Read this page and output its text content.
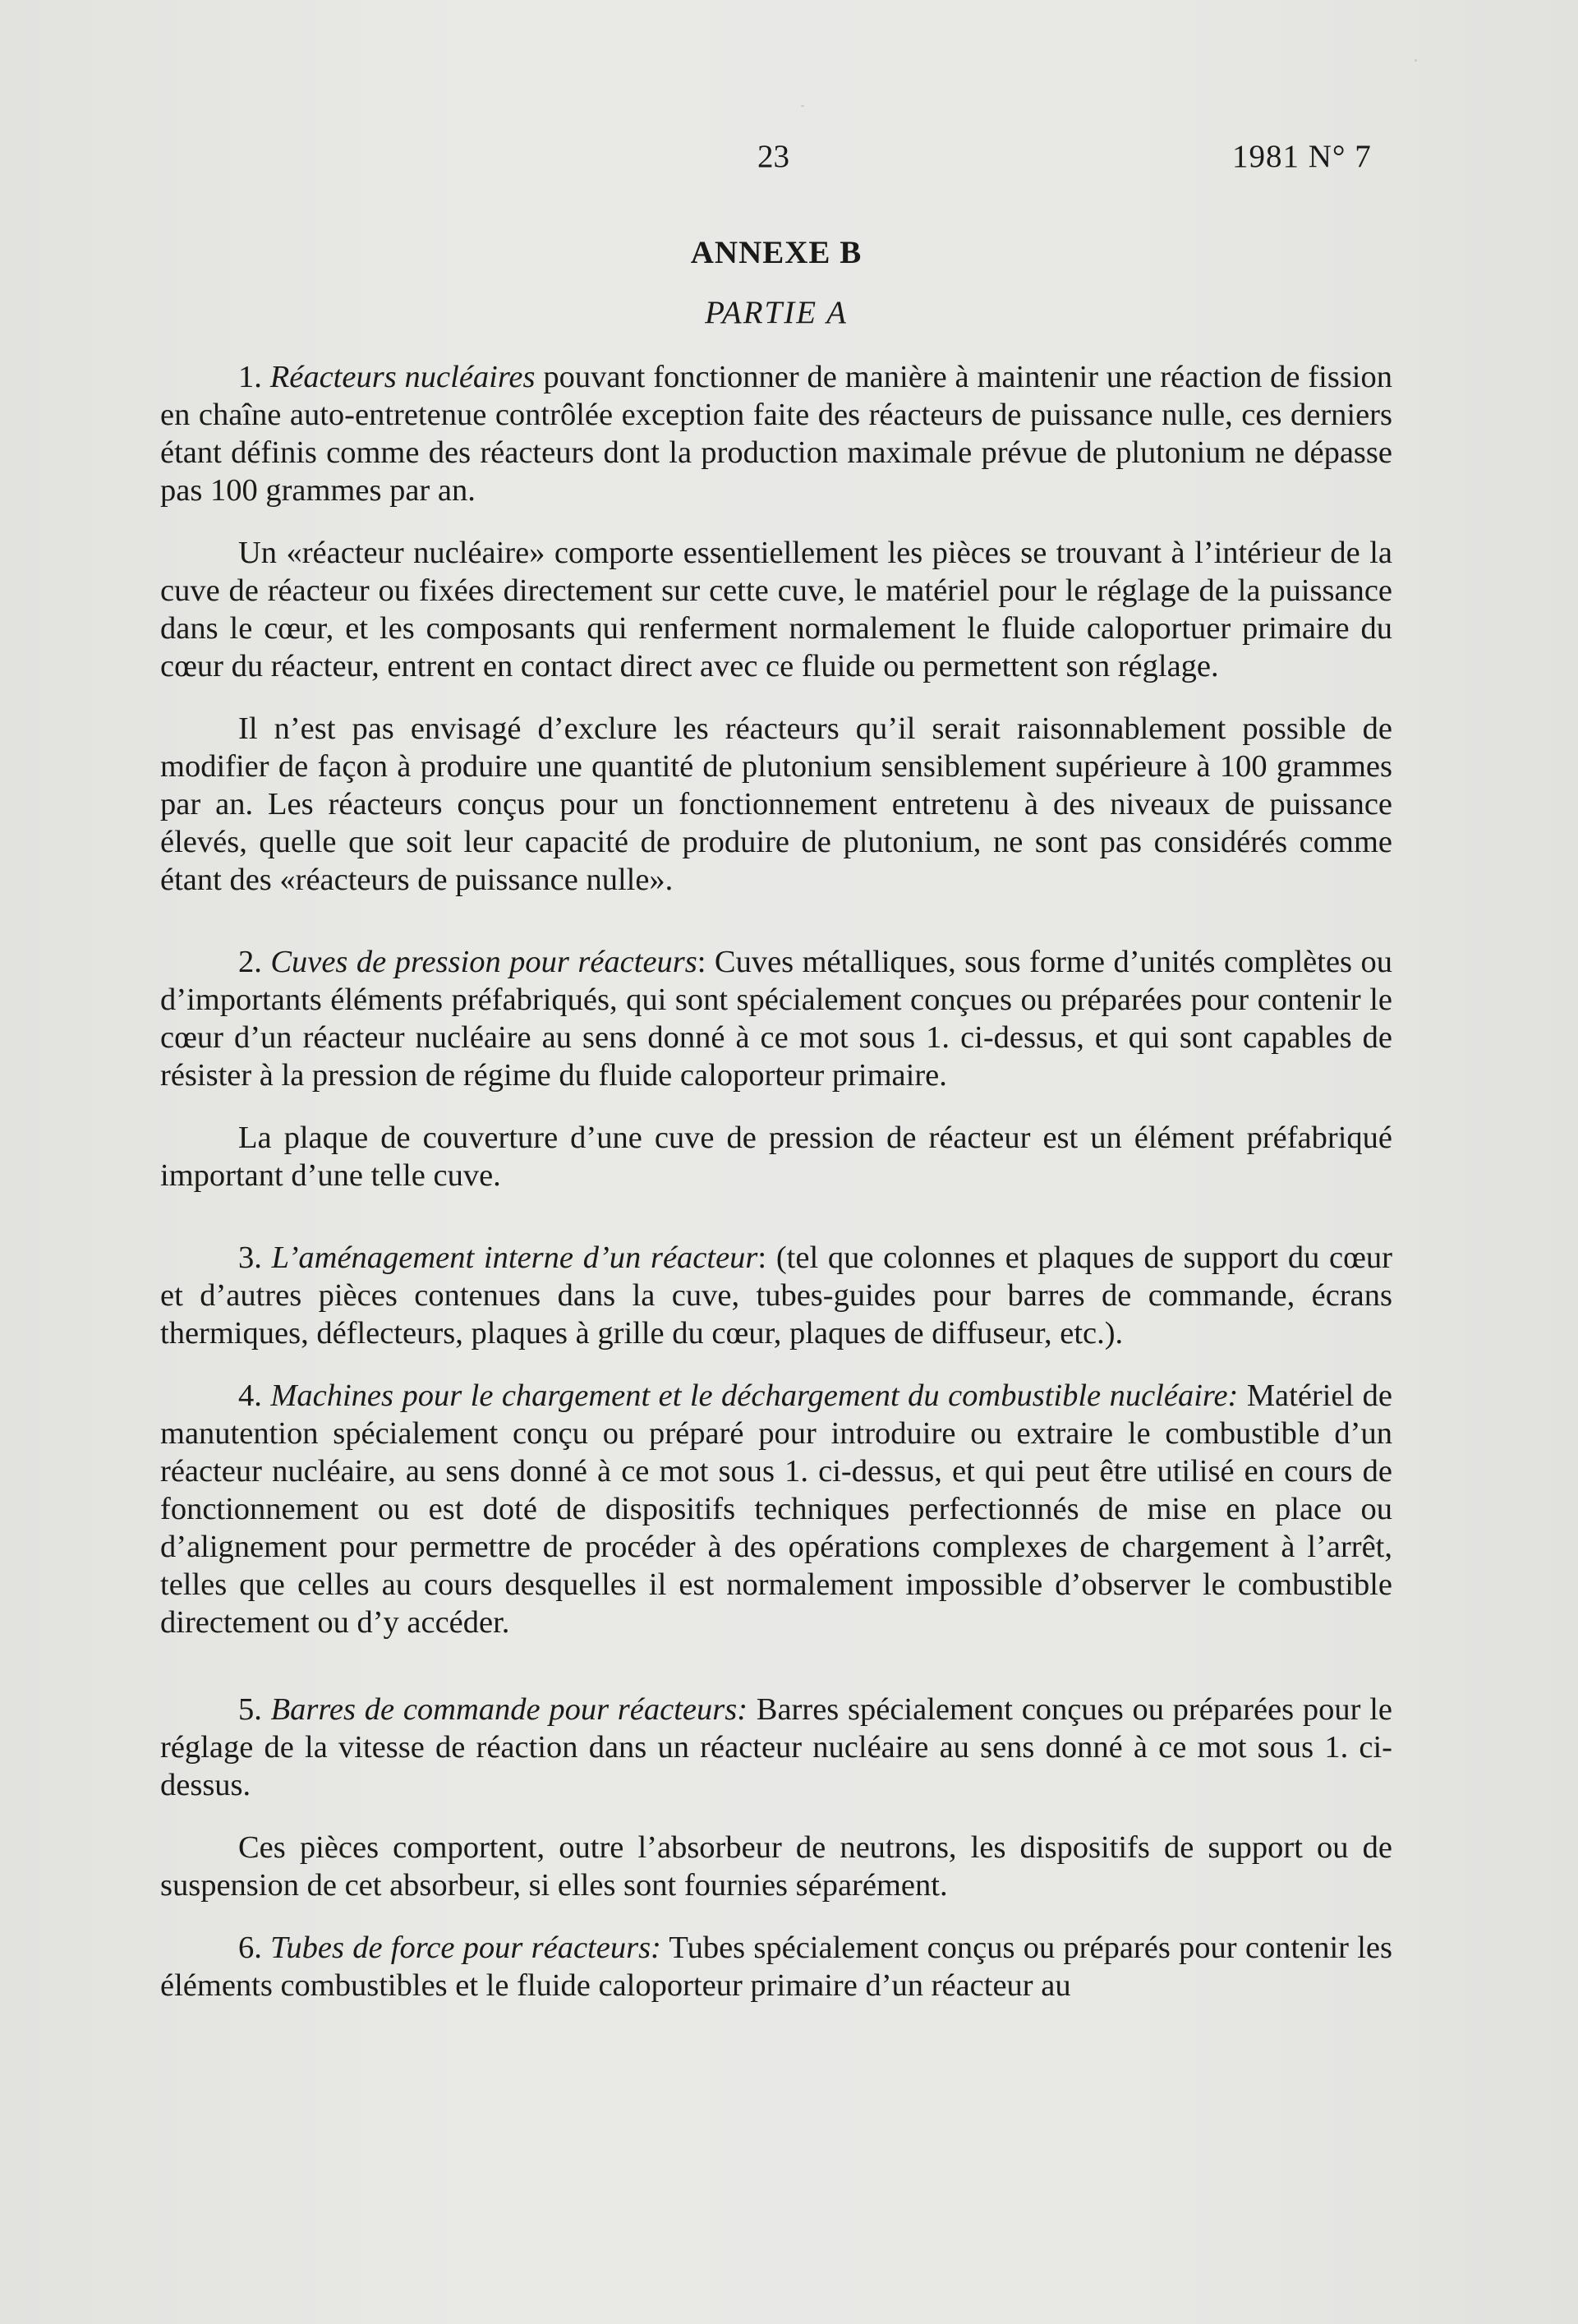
23	1981 N° 7
ANNEXE B
PARTIE A

1. Réacteurs nucléaires pouvant fonctionner de manière à maintenir une réaction de fission en chaîne auto-entretenue contrôlée exception faite des réacteurs de puissance nulle, ces derniers étant définis comme des réacteurs dont la production maximale prévue de plutonium ne dépasse pas 100 grammes par an.

Un «réacteur nucléaire» comporte essentiellement les pièces se trouvant à l’intérieur de la cuve de réacteur ou fixées directement sur cette cuve, le matériel pour le réglage de la puissance dans le cœur, et les composants qui renferment normalement le fluide caloportuer primaire du cœur du réacteur, entrent en contact direct avec ce fluide ou permettent son réglage.

Il n’est pas envisagé d’exclure les réacteurs qu’il serait raisonnablement possible de modifier de façon à produire une quantité de plutonium sensiblement supérieure à 100 grammes par an. Les réacteurs conçus pour un fonctionnement entretenu à des niveaux de puissance élevés, quelle que soit leur capacité de produire de plutonium, ne sont pas considérés comme étant des «réacteurs de puissance nulle».

2. Cuves de pression pour réacteurs: Cuves métalliques, sous forme d’unités complètes ou d’importants éléments préfabriqués, qui sont spécialement conçues ou préparées pour contenir le cœur d’un réacteur nucléaire au sens donné à ce mot sous 1. ci-dessus, et qui sont capables de résister à la pression de régime du fluide caloporteur primaire.

La plaque de couverture d’une cuve de pression de réacteur est un élément préfabriqué important d’une telle cuve.

3. L’aménagement interne d’un réacteur: (tel que colonnes et plaques de support du cœur et d’autres pièces contenues dans la cuve, tubes-guides pour barres de commande, écrans thermiques, déflecteurs, plaques à grille du cœur, plaques de diffuseur, etc.).

4. Machines pour le chargement et le déchargement du combustible nucléaire: Matériel de manutention spécialement conçu ou préparé pour introduire ou extraire le combustible d’un réacteur nucléaire, au sens donné à ce mot sous 1. ci-dessus, et qui peut être utilisé en cours de fonctionnement ou est doté de dispositifs techniques perfectionnés de mise en place ou d’alignement pour permettre de procéder à des opérations complexes de chargement à l’arrêt, telles que celles au cours desquelles il est normalement impossible d’observer le combustible directement ou d’y accéder.

5. Barres de commande pour réacteurs: Barres spécialement conçues ou préparées pour le réglage de la vitesse de réaction dans un réacteur nucléaire au sens donné à ce mot sous 1. ci-dessus.

Ces pièces comportent, outre l’absorbeur de neutrons, les dispositifs de support ou de suspension de cet absorbeur, si elles sont fournies séparément.

6. Tubes de force pour réacteurs: Tubes spécialement conçus ou préparés pour contenir les éléments combustibles et le fluide caloporteur primaire d’un réacteur au
